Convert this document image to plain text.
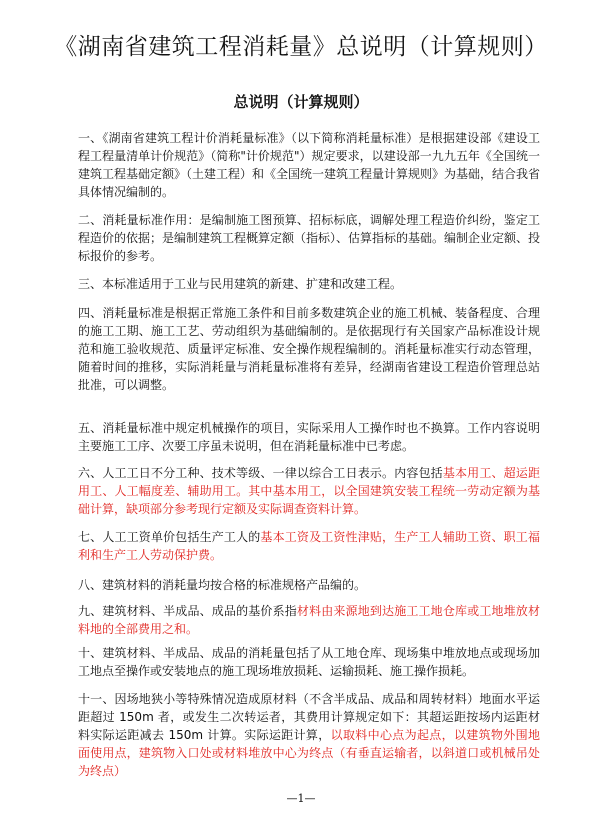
《湖南省建筑工程消耗量》总说明（计算规则）
总说明（计算规则）
一、《湖南省建筑工程计价消耗量标准》（以下简称消耗量标准）是根据建设部《建设工程工程量清单计价规范》（简称"计价规范"）规定要求，以建设部一九九五年《全国统一建筑工程基础定额》（土建工程）和《全国统一建筑工程量计算规则》为基础，结合我省具体情况编制的。
二、消耗量标准作用：是编制施工图预算、招标标底，调解处理工程造价纠纷，鉴定工程造价的依据；是编制建筑工程概算定额（指标）、估算指标的基础。编制企业定额、投标报价的参考。
三、本标准适用于工业与民用建筑的新建、扩建和改建工程。
四、消耗量标准是根据正常施工条件和目前多数建筑企业的施工机械、装备程度、合理的施工工期、施工工艺、劳动组织为基础编制的。是依据现行有关国家产品标准设计规范和施工验收规范、质量评定标准、安全操作规程编制的。消耗量标准实行动态管理，随着时间的推移，实际消耗量与消耗量标准将有差异，经湖南省建设工程造价管理总站批准，可以调整。
五、消耗量标准中规定机械操作的项目，实际采用人工操作时也不换算。工作内容说明主要施工工序、次要工序虽未说明，但在消耗量标准中已考虑。
六、人工工日不分工种、技术等级、一律以综合工日表示。内容包括基本用工、超运距用工、人工幅度差、辅助用工。其中基本用工，以全国建筑安装工程统一劳动定额为基础计算，缺项部分参考现行定额及实际调查资料计算。
七、人工工资单价包括生产工人的基本工资及工资性津贴，生产工人辅助工资、职工福利和生产工人劳动保护费。
八、建筑材料的消耗量均按合格的标准规格产品编的。
九、建筑材料、半成品、成品的基价系指材料由来源地到达施工工地仓库或工地堆放材料地的全部费用之和。
十、建筑材料、半成品、成品的消耗量包括了从工地仓库、现场集中堆放地点或现场加工地点至操作或安装地点的施工现场堆放损耗、运输损耗、施工操作损耗。
十一、因场地狭小等特殊情况造成原材料（不含半成品、成品和周转材料）地面水平运距超过 150m 者，或发生二次转运者，其费用计算规定如下：其超运距按场内运距材料实际运距减去 150m 计算。实际运距计算，以取料中心点为起点，以建筑物外围地面使用点，建筑物入口处或材料堆放中心为终点（有垂直运输者，以斜道口或机械吊处为终点）
—1—
